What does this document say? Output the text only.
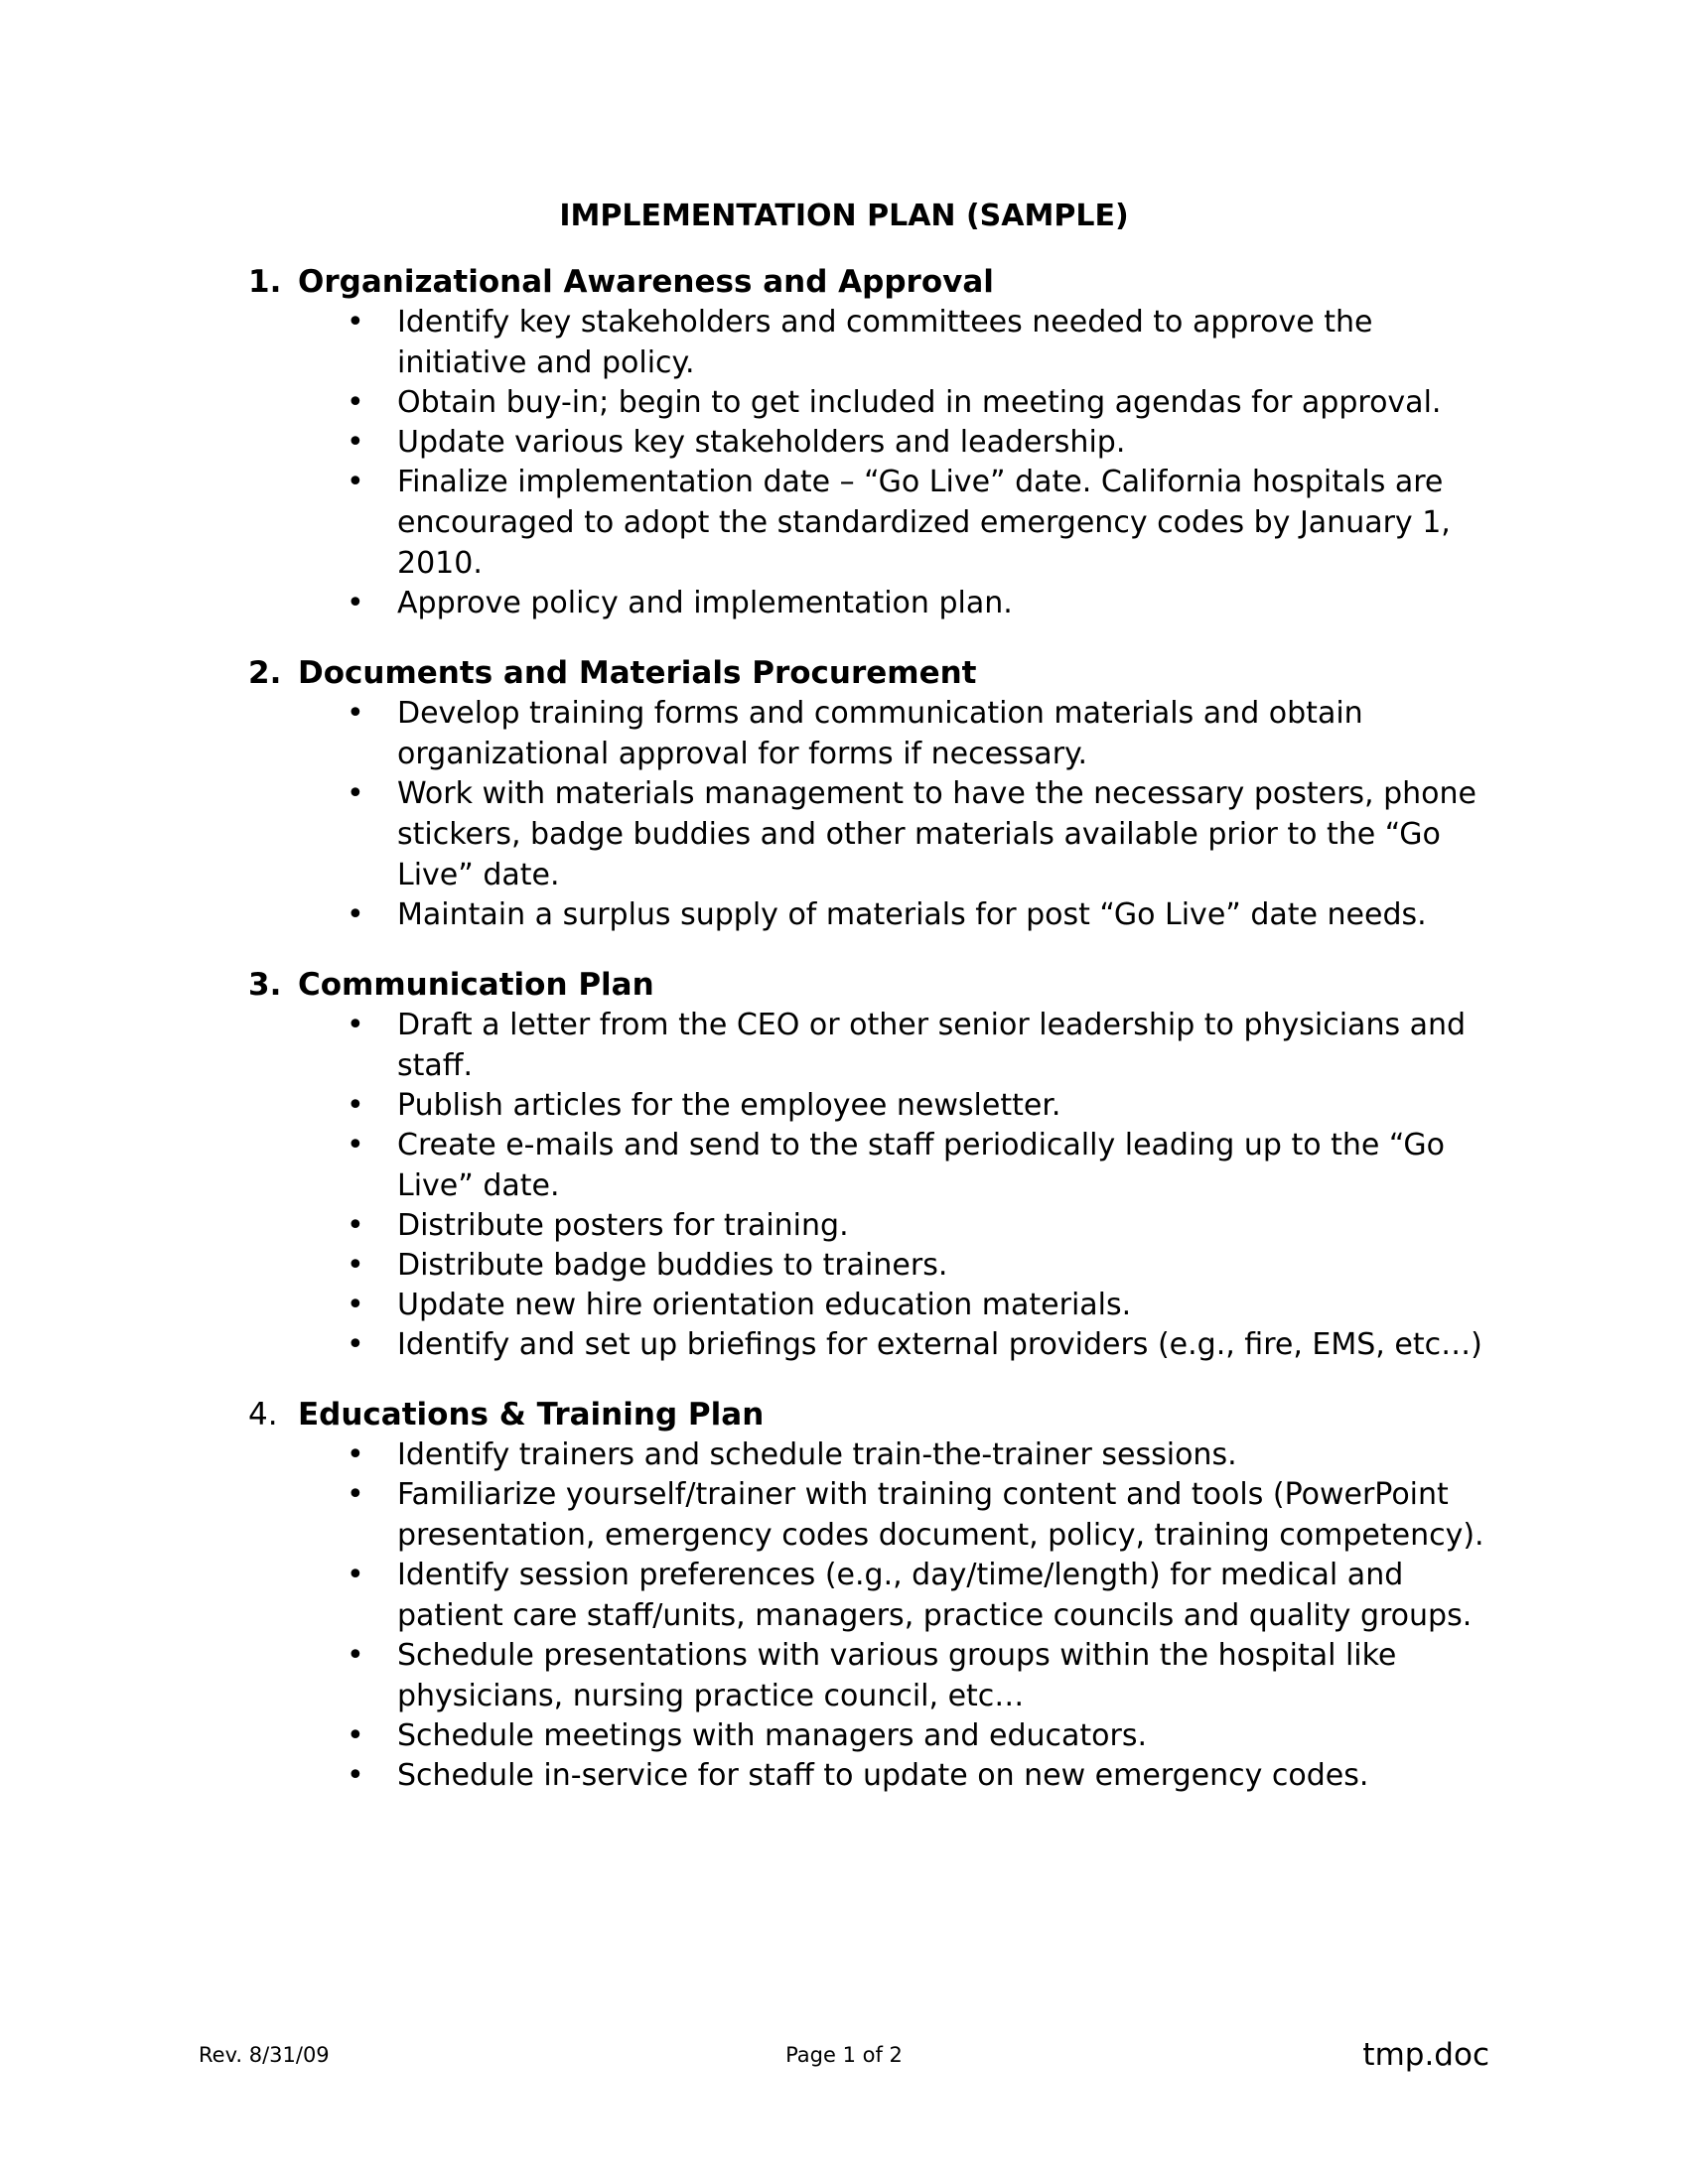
IMPLEMENTATION PLAN (SAMPLE)
1. Organizational Awareness and Approval
•	Identify key stakeholders and committees needed to approve the initiative and policy.
•	Obtain buy-in; begin to get included in meeting agendas for approval.
•	Update various key stakeholders and leadership.
•	Finalize implementation date – “Go Live” date. California hospitals are encouraged to adopt the standardized emergency codes by January 1, 2010.
•	Approve policy and implementation plan.
2. Documents and Materials Procurement
•	Develop training forms and communication materials and obtain organizational approval for forms if necessary.
•	Work with materials management to have the necessary posters, phone stickers, badge buddies and other materials available prior to the “Go Live” date.
•	Maintain a surplus supply of materials for post “Go Live” date needs.
3. Communication Plan
•	Draft a letter from the CEO or other senior leadership to physicians and staff.
•	Publish articles for the employee newsletter.
•	Create e-mails and send to the staff periodically leading up to the “Go Live” date.
•	Distribute posters for training.
•	Distribute badge buddies to trainers.
•	Update new hire orientation education materials.
•	Identify and set up briefings for external providers (e.g., fire, EMS, etc…)
4. Educations & Training Plan
•	Identify trainers and schedule train-the-trainer sessions.
•	Familiarize yourself/trainer with training content and tools (PowerPoint presentation, emergency codes document, policy, training competency).
•	Identify session preferences (e.g., day/time/length) for medical and patient care staff/units, managers, practice councils and quality groups.
•	Schedule presentations with various groups within the hospital like physicians, nursing practice council, etc…
•	Schedule meetings with managers and educators.
•	Schedule in-service for staff to update on new emergency codes.
Rev. 8/31/09	Page 1 of 2	tmp.doc
